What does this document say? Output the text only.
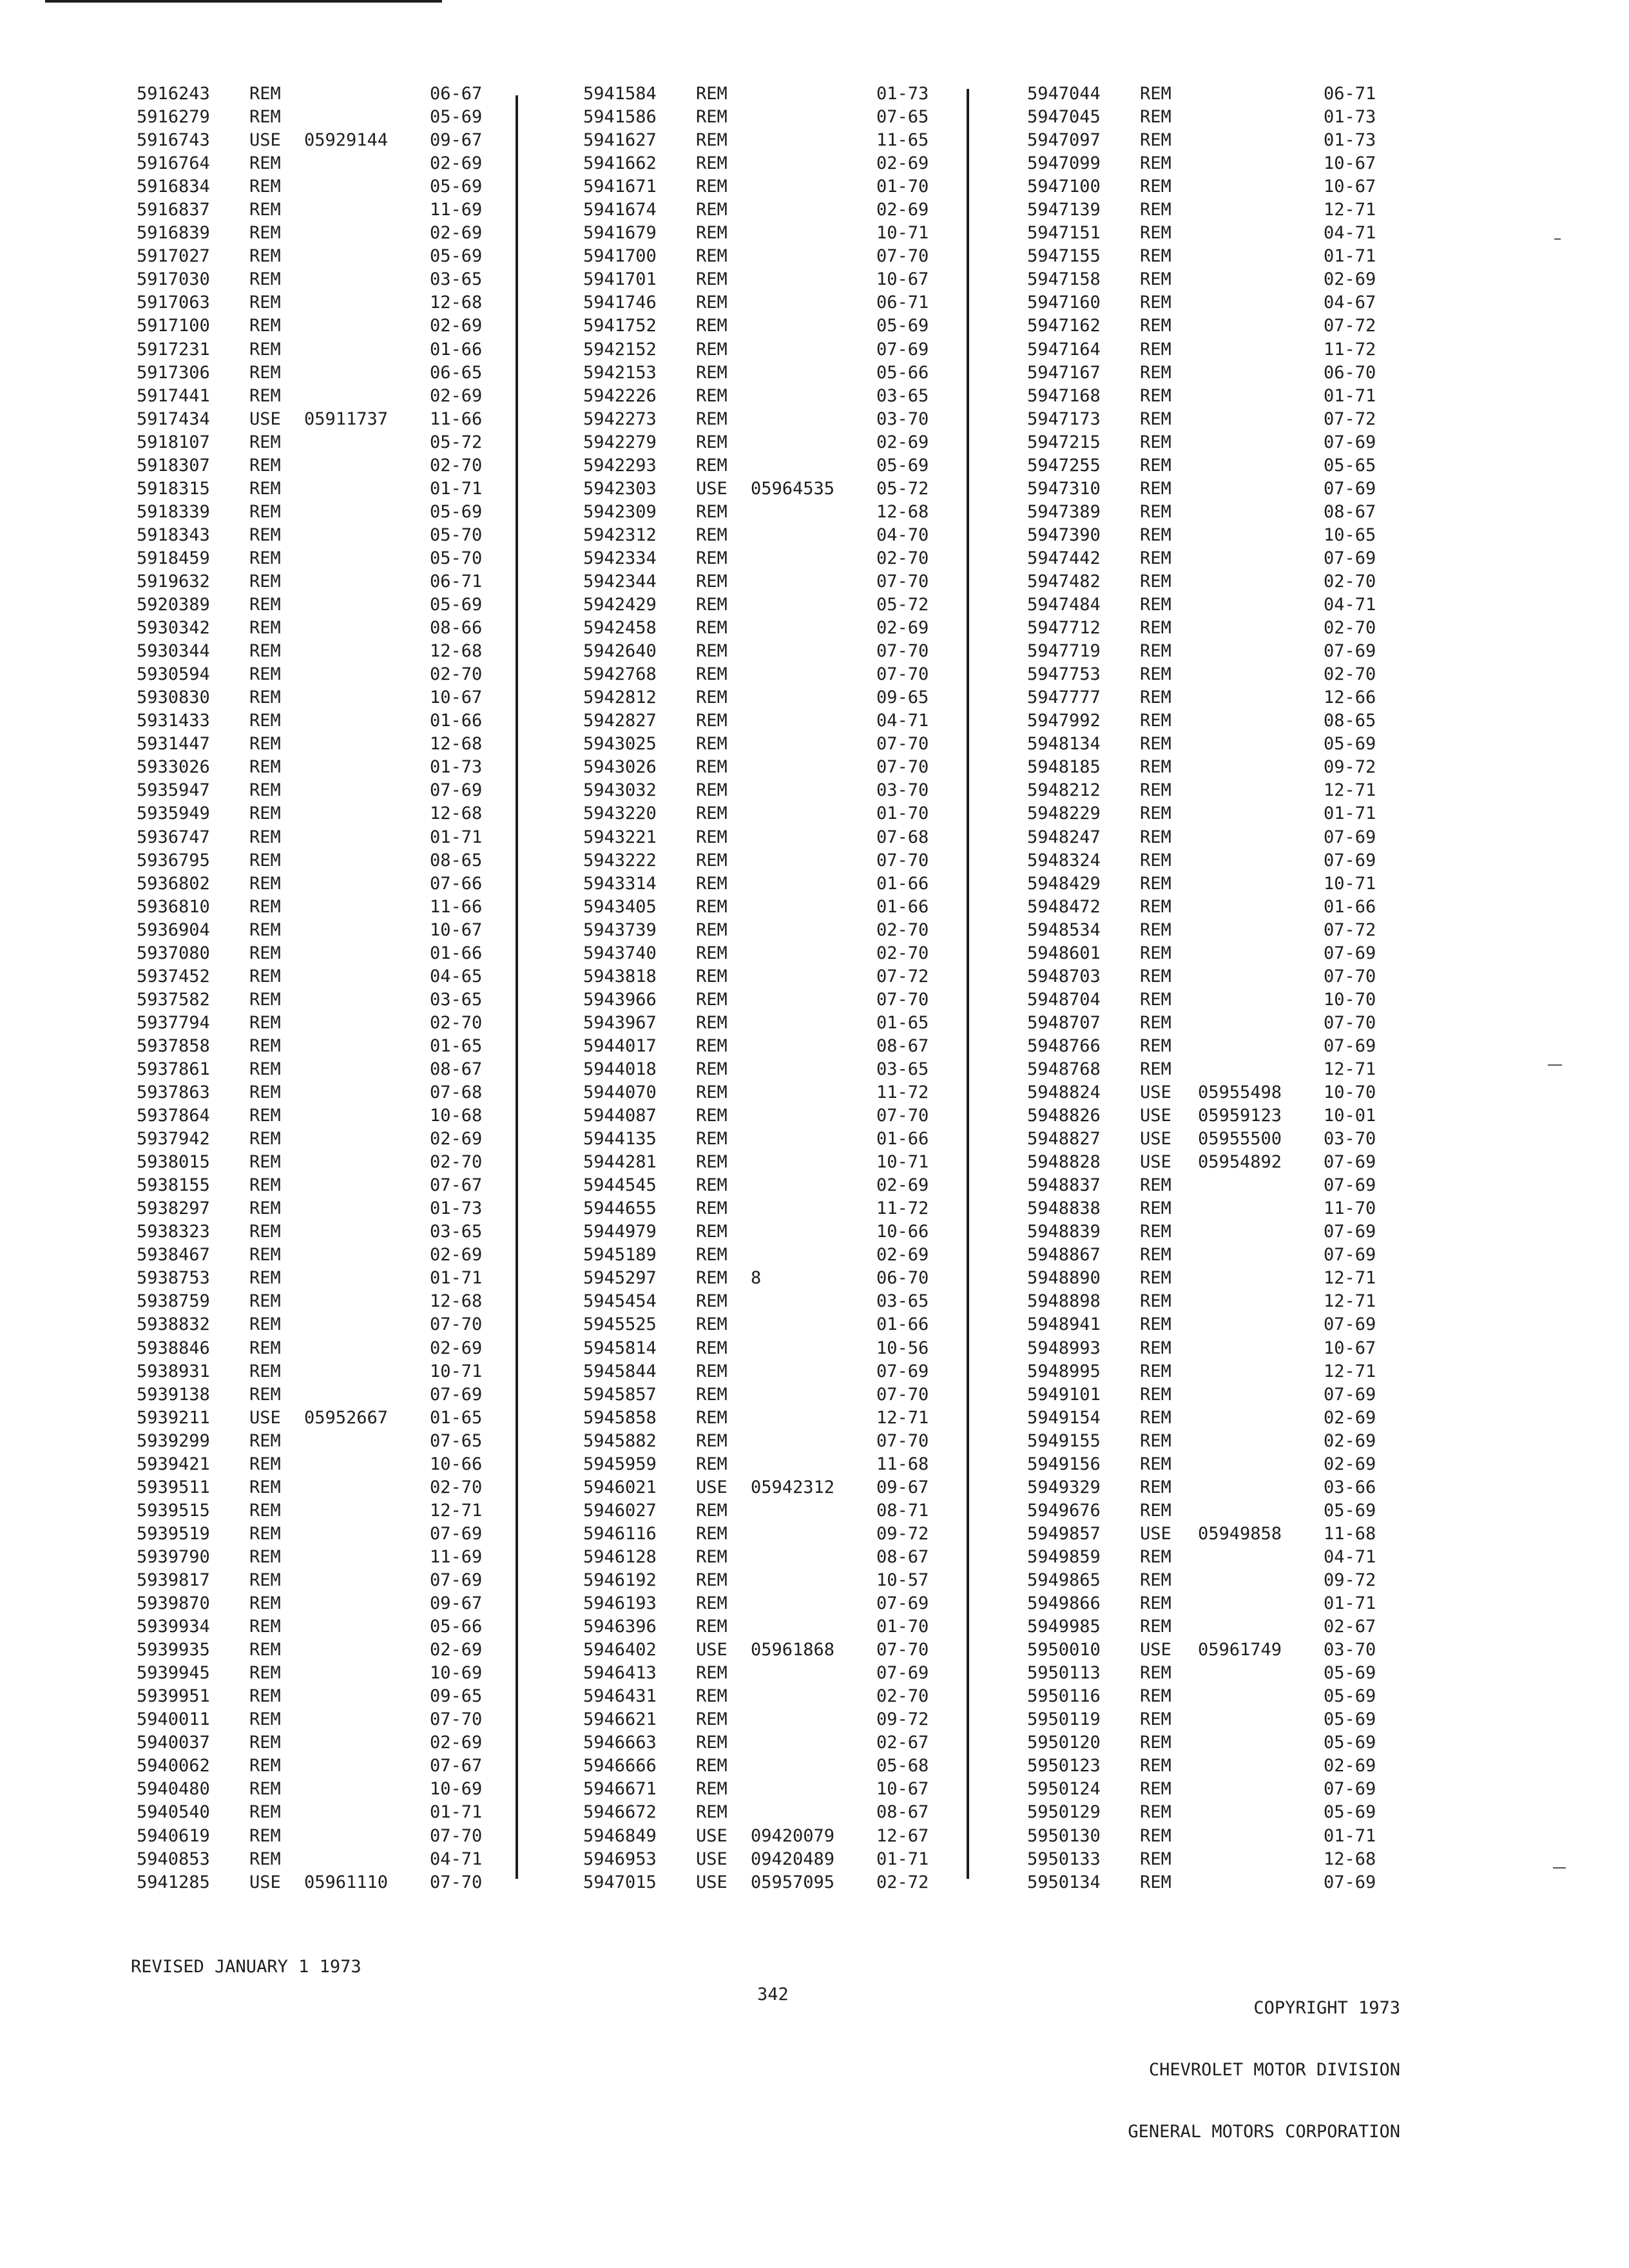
5916243 REM	06-67
5916279 REM	05-69
5916743 USE 05929144 09-67
5916764 REM	02-69
5916834 REM	05-69
5916837 REM	11-69
5916839 REM	02-69
5917027 REM	05-69
5917030 REM	03-65
5917063 REM	12-68
5917100 REM	02-69
5917231 REM	01-66
5917306 REM	06-65
5917441 REM	02-69
5917434 USE 05911737 11-66
5918107 REM	05-72
5918307 REM	02-70
5918315 REM	01-71
5918339 REM	05-69
5918343 REM	05-70
5918459 REM	05-70
5919632 REM	06-71
5920389 REM	05-69
5930342 REM	08-66
5930344 REM	12-68
5930594 REM	02-70
5930830 REM	10-67
5931433 REM	01-66
5931447 REM	12-68
5933026 REM	01-73
5935947 REM	07-69
5935949 REM	12-68
5936747 REM	01-71
5936795 REM	08-65
5936802 REM	07-66
5936810 REM	11-66
5936904 REM	10-67
5937080 REM	01-66
5937452 REM	04-65
5937582 REM	03-65
5937794 REM	02-70
5937858 REM	01-65
5937861 REM	08-67
5937863 REM	07-68
5937864 REM	10-68
5937942 REM	02-69
5938015 REM	02-70
5938155 REM	07-67
5938297 REM	01-73
5938323 REM	03-65
5938467 REM	02-69
5938753 REM	01-71
5938759 REM	12-68
5938832 REM	07-70
5938846 REM	02-69
5938931 REM	10-71
5939138 REM	07-69
5939211 USE 05952667 01-65
5939299 REM	07-65
5939421 REM	10-66
5939511 REM	02-70
5939515 REM	12-71
5939519 REM	07-69
5939790 REM	11-69
5939817 REM	07-69
5939870 REM	09-67
5939934 REM	05-66
5939935 REM	02-69
5939945 REM	10-69
5939951 REM	09-65
5940011 REM	07-70
5940037 REM	02-69
5940062 REM	07-67
5940480 REM	10-69
5940540 REM	01-71
5940619 REM	07-70
5940853 REM	04-71
5941285 USE 05961110 07-70
5941584 REM	01-73
5941586 REM	07-65
5941627 REM	11-65
5941662 REM	02-69
5941671 REM	01-70
5941674 REM	02-69
5941679 REM	10-71
5941700 REM	07-70
5941701 REM	10-67
5941746 REM	06-71
5941752 REM	05-69
5942152 REM	07-69
5942153 REM	05-66
5942226 REM	03-65
5942273 REM	03-70
5942279 REM	02-69
5942293 REM	05-69
5942303 USE 05964535 05-72
5942309 REM	12-68
5942312 REM	04-70
5942334 REM	02-70
5942344 REM	07-70
5942429 REM	05-72
5942458 REM	02-69
5942640 REM	07-70
5942768 REM	07-70
5942812 REM	09-65
5942827 REM	04-71
5943025 REM	07-70
5943026 REM	07-70
5943032 REM	03-70
5943220 REM	01-70
5943221 REM	07-68
5943222 REM	07-70
5943314 REM	01-66
5943405 REM	01-66
5943739 REM	02-70
5943740 REM	02-70
5943818 REM	07-72
5943966 REM	07-70
5943967 REM	01-65
5944017 REM	08-67
5944018 REM	03-65
5944070 REM	11-72
5944087 REM	07-70
5944135 REM	01-66
5944281 REM	10-71
5944545 REM	02-69
5944655 REM	11-72
5944979 REM	10-66
5945189 REM	02-69
5945297 REM 8	06-70
5945454 REM	03-65
5945525 REM	01-66
5945814 REM	10-56
5945844 REM	07-69
5945857 REM	07-70
5945858 REM	12-71
5945882 REM	07-70
5945959 REM	11-68
5946021 USE 05942312 09-67
5946027 REM	08-71
5946116 REM	09-72
5946128 REM	08-67
5946192 REM	10-57
5946193 REM	07-69
5946396 REM	01-70
5946402 USE 05961868 07-70
5946413 REM	07-69
5946431 REM	02-70
5946621 REM	09-72
5946663 REM	02-67
5946666 REM	05-68
5946671 REM	10-67
5946672 REM	08-67
5946849 USE 09420079 12-67
5946953 USE 09420489 01-71
5947015 USE 05957095 02-72
5947044 REM	06-71
5947045 REM	01-73
5947097 REM	01-73
5947099 REM	10-67
5947100 REM	10-67
5947139 REM	12-71
5947151 REM	04-71
5947155 REM	01-71
5947158 REM	02-69
5947160 REM	04-67
5947162 REM	07-72
5947164 REM	11-72
5947167 REM	06-70
5947168 REM	01-71
5947173 REM	07-72
5947215 REM	07-69
5947255 REM	05-65
5947310 REM	07-69
5947389 REM	08-67
5947390 REM	10-65
5947442 REM	07-69
5947482 REM	02-70
5947484 REM	04-71
5947712 REM	02-70
5947719 REM	07-69
5947753 REM	02-70
5947777 REM	12-66
5947992 REM	08-65
5948134 REM	05-69
5948185 REM	09-72
5948212 REM	12-71
5948229 REM	01-71
5948247 REM	07-69
5948324 REM	07-69
5948429 REM	10-71
5948472 REM	01-66
5948534 REM	07-72
5948601 REM	07-69
5948703 REM	07-70
5948704 REM	10-70
5948707 REM	07-70
5948766 REM	07-69
5948768 REM	12-71
5948824 USE 05955498 10-70
5948826 USE 05959123 10-01
5948827 USE 05955500 03-70
5948828 USE 05954892 07-69
5948837 REM	07-69
5948838 REM	11-70
5948839 REM	07-69
5948867 REM	07-69
5948890 REM	12-71
5948898 REM	12-71
5948941 REM	07-69
5948993 REM	10-67
5948995 REM	12-71
5949101 REM	07-69
5949154 REM	02-69
5949155 REM	02-69
5949156 REM	02-69
5949329 REM	03-66
5949676 REM	05-69
5949857 USE 05949858 11-68
5949859 REM	04-71
5949865 REM	09-72
5949866 REM	01-71
5949985 REM	02-67
5950010 USE 05961749 03-70
5950113 REM	05-69
5950116 REM	05-69
5950119 REM	05-69
5950120 REM	05-69
5950123 REM	02-69
5950124 REM	07-69
5950129 REM	05-69
5950130 REM	01-71
5950133 REM	12-68
5950134 REM	07-69
REVISED JANUARY 1 1973
342

COPYRIGHT 1973

CHEVROLET MOTOR DIVISION

GENERAL MOTORS CORPORATION
